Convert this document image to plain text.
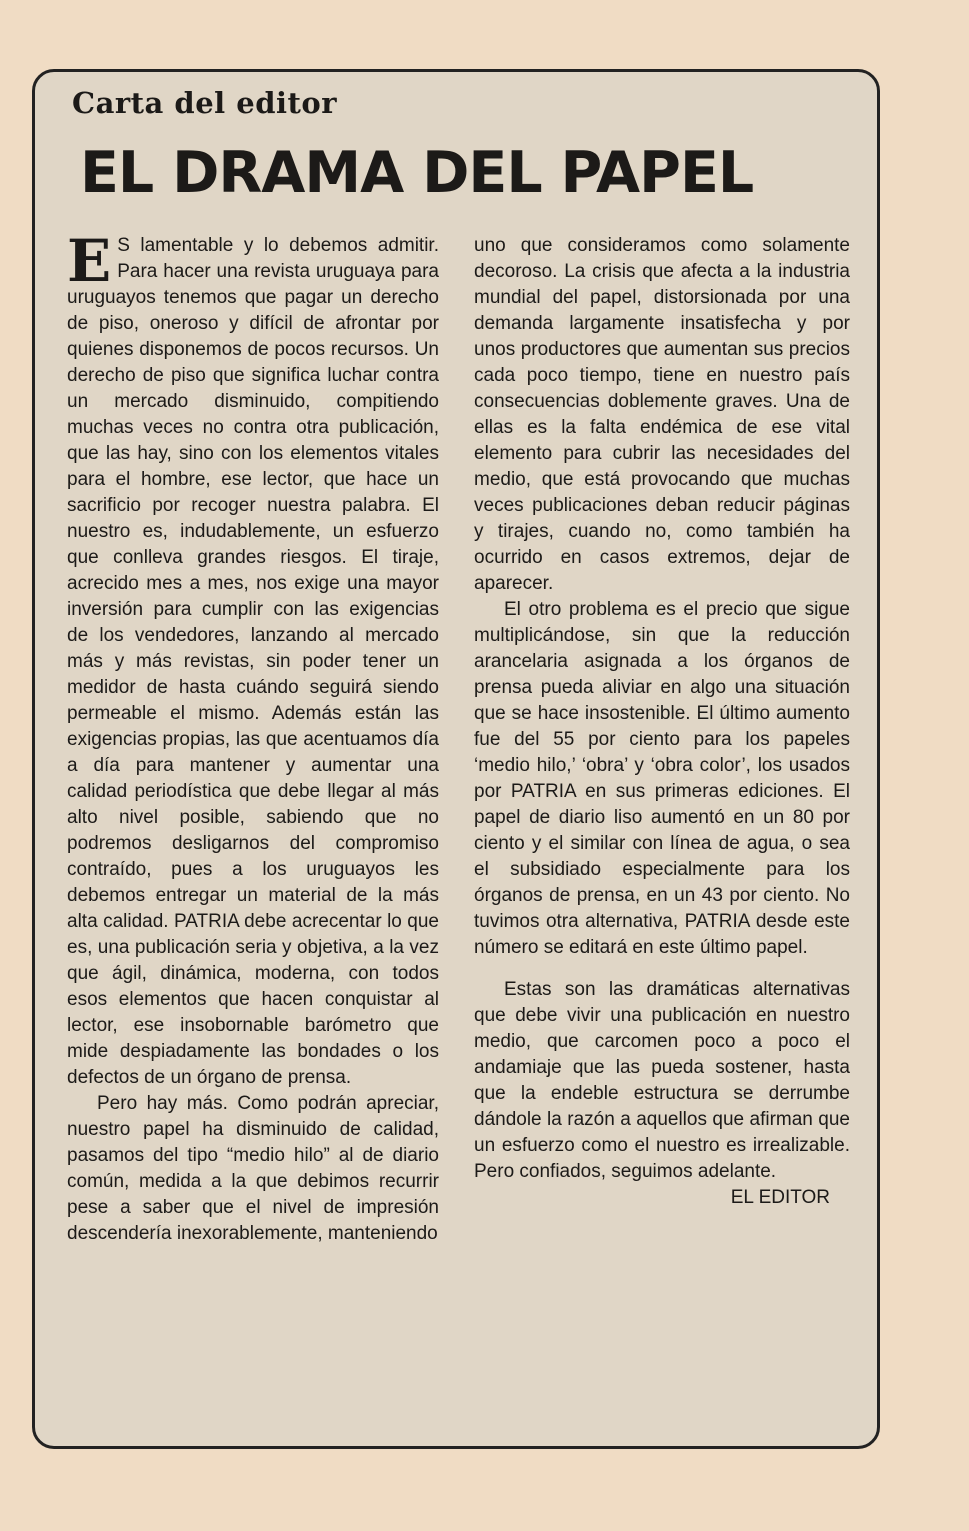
Carta del editor
EL DRAMA DEL PAPEL

E S lamentable y lo debemos admitir. Para hacer una revista uruguaya para uruguayos tenemos que pagar un derecho de piso, oneroso y difícil de afrontar por quienes disponemos de pocos recursos. Un derecho de piso que significa luchar contra un mercado disminuido, compitiendo muchas veces no contra otra publicación, que las hay, sino con los elementos vitales para el hombre, ese lector, que hace un sacrificio por recoger nuestra palabra. El nuestro es, indudablemente, un esfuerzo que conlleva grandes riesgos. El tiraje, acrecido mes a mes, nos exige una mayor inversión para cumplir con las exigencias de los vendedores, lanzando al mercado más y más revistas, sin poder tener un medidor de hasta cuándo seguirá siendo permeable el mismo. Además están las exigencias propias, las que acentuamos día a día para mantener y aumentar una calidad periodística que debe llegar al más alto nivel posible, sabiendo que no podremos desligarnos del compromiso contraído, pues a los uruguayos les debemos entregar un material de la más alta calidad. PATRIA debe acrecentar lo que es, una publicación seria y objetiva, a la vez que ágil, dinámica, moderna, con todos esos elementos que hacen conquistar al lector, ese insobornable barómetro que mide despiadamente las bondades o los defectos de un órgano de prensa.

Pero hay más. Como podrán apreciar, nuestro papel ha disminuido de calidad, pasamos del tipo “medio hilo” al de diario común, medida a la que debimos recurrir pese a saber que el nivel de impresión descendería inexorablemente, manteniendo

uno que consideramos como solamente decoroso. La crisis que afecta a la industria mundial del papel, distorsionada por una demanda largamente insatisfecha y por unos productores que aumentan sus precios cada poco tiempo, tiene en nuestro país consecuencias doblemente graves. Una de ellas es la falta endémica de ese vital elemento para cubrir las necesidades del medio, que está provocando que muchas veces publicaciones deban reducir páginas y tirajes, cuando no, como también ha ocurrido en casos extremos, dejar de aparecer.

El otro problema es el precio que sigue multiplicándose, sin que la reducción arancelaria asignada a los órganos de prensa pueda aliviar en algo una situación que se hace insostenible. El último aumento fue del 55 por ciento para los papeles ‘medio hilo,’ ‘obra’ y ‘obra color’, los usados por PATRIA en sus primeras ediciones. El papel de diario liso aumentó en un 80 por ciento y el similar con línea de agua, o sea el subsidiado especialmente para los órganos de prensa, en un 43 por ciento. No tuvimos otra alternativa, PATRIA desde este número se editará en este último papel.

Estas son las dramáticas alternativas que debe vivir una publicación en nuestro medio, que carcomen poco a poco el andamiaje que las pueda sostener, hasta que la endeble estructura se derrumbe dándole la razón a aquellos que afirman que un esfuerzo como el nuestro es irrealizable. Pero confiados, seguimos adelante.

EL EDITOR
